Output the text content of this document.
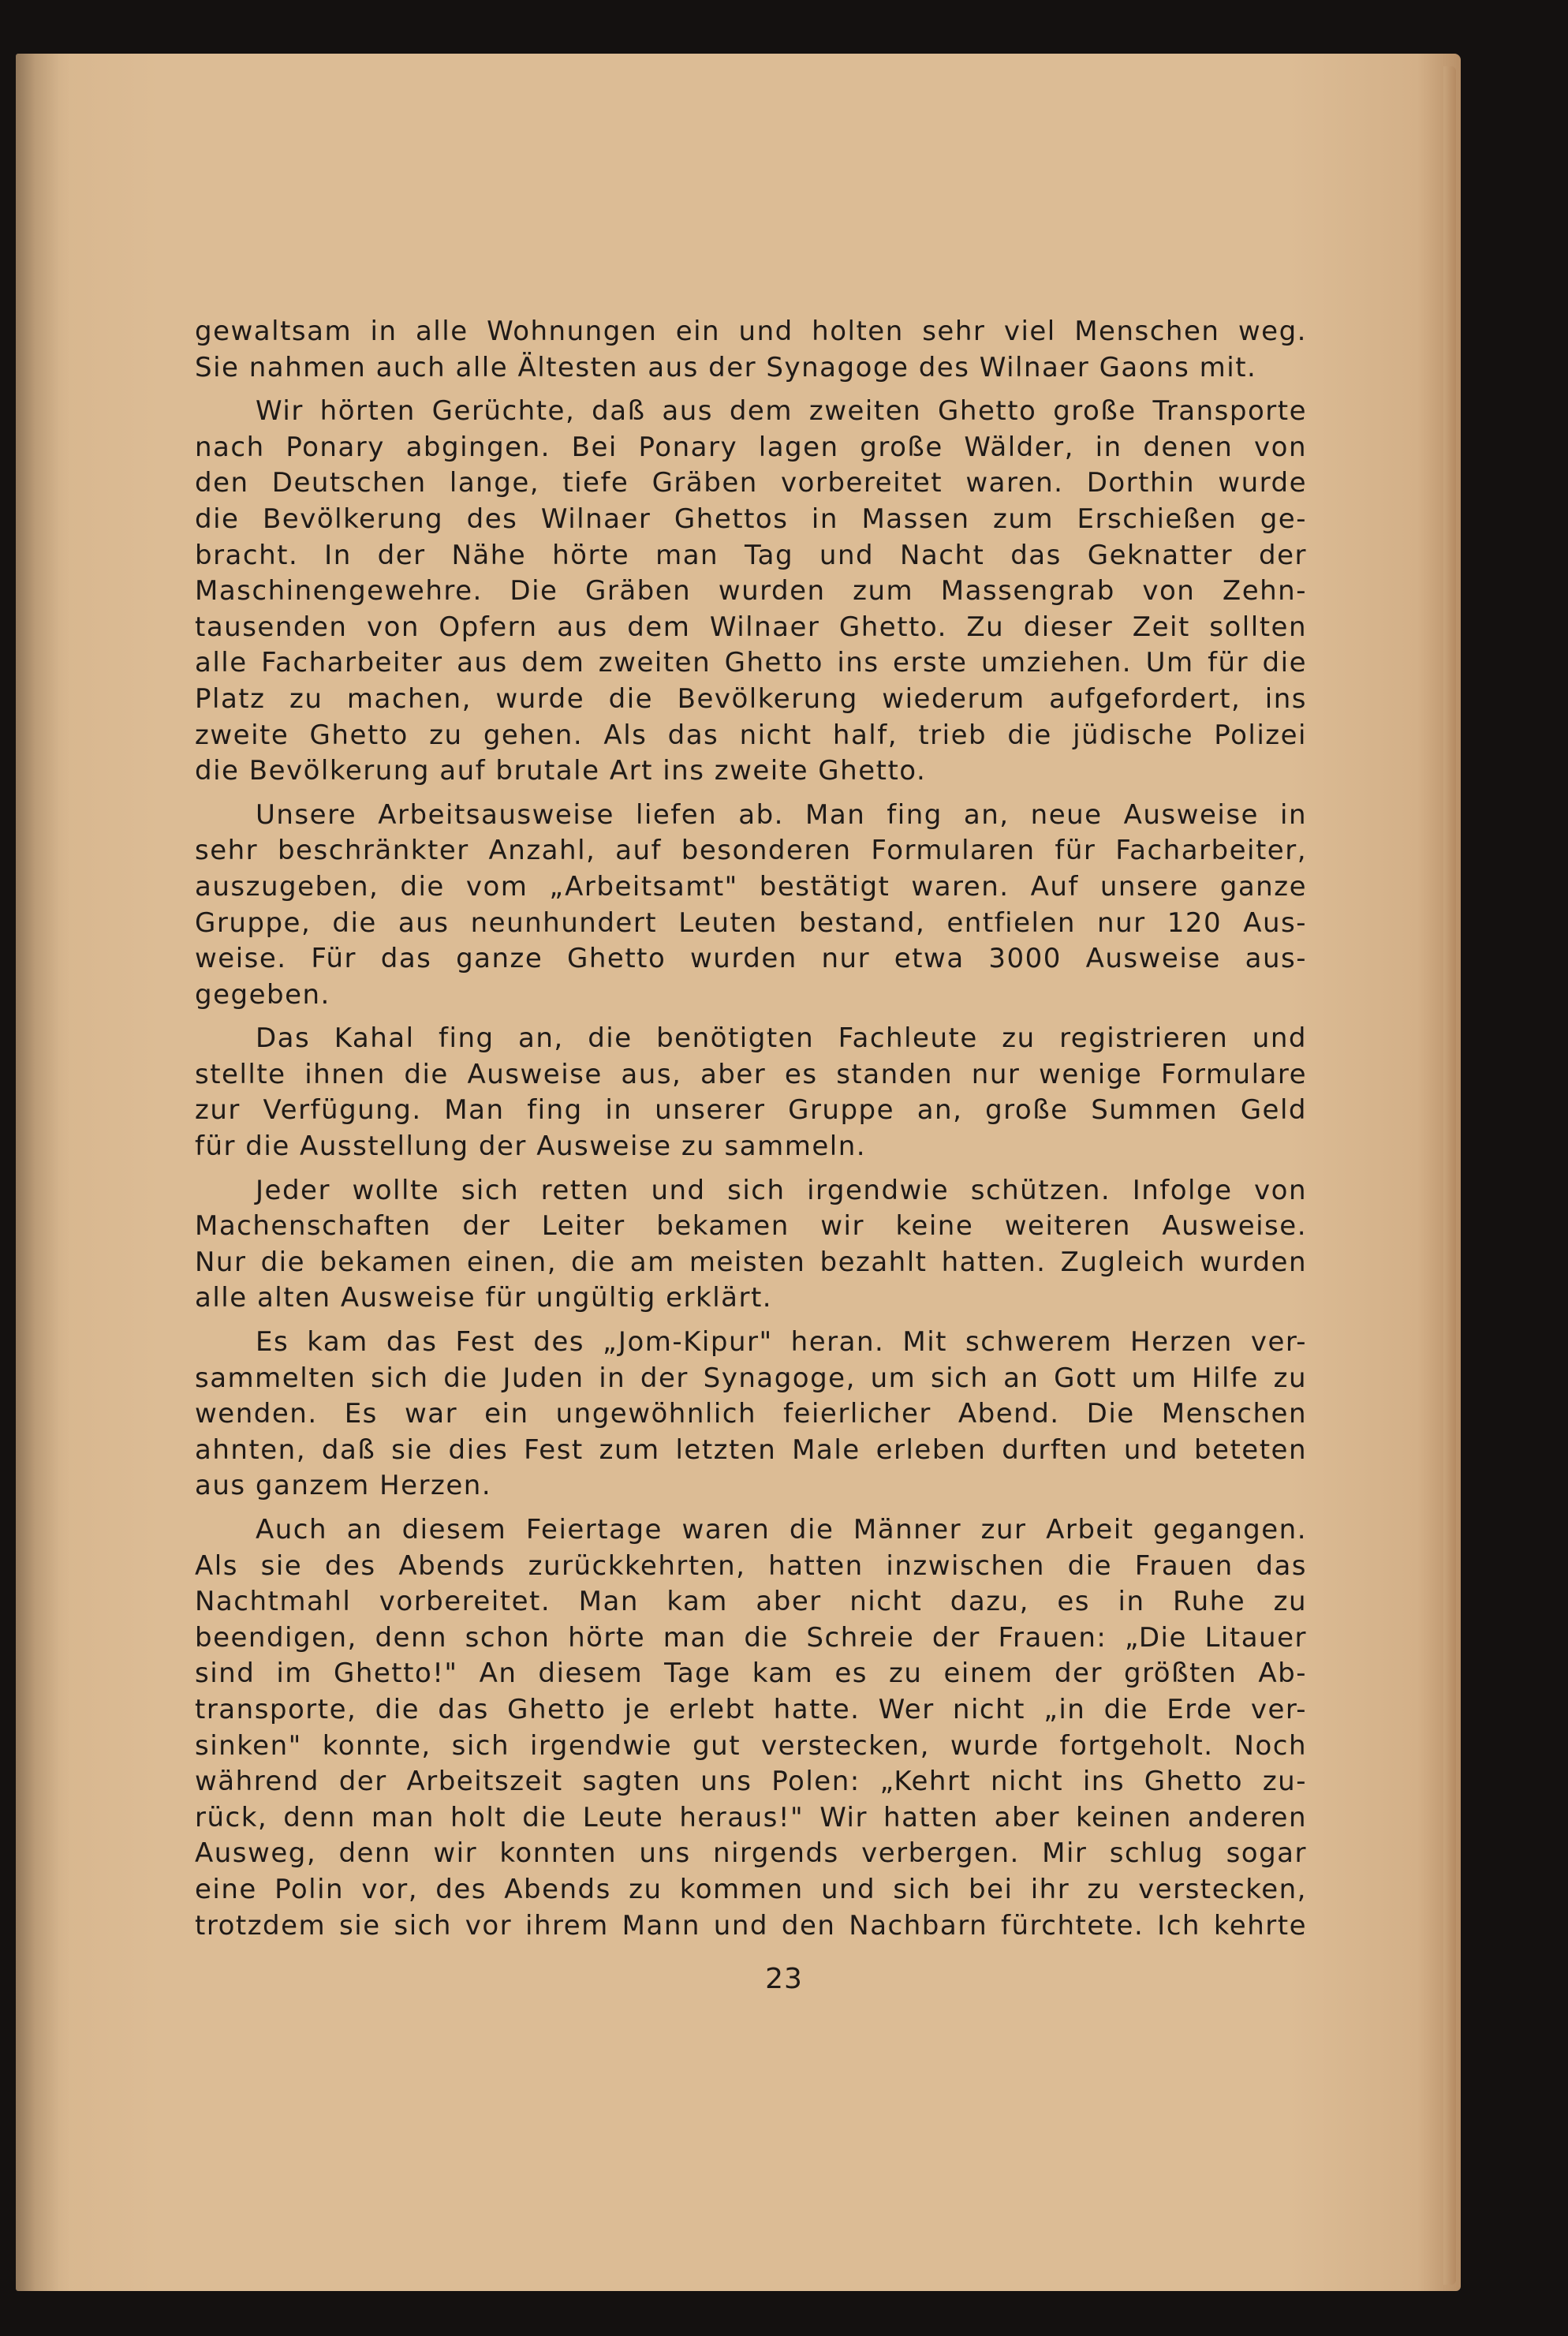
gewaltsam in alle Wohnungen ein und holten sehr viel Menschen weg.

Sie nahmen auch alle Ältesten aus der Synagoge des Wilnaer Gaons mit.

Wir hörten Gerüchte, daß aus dem zweiten Ghetto große Transporte

nach Ponary abgingen. Bei Ponary lagen große Wälder, in denen von

den Deutschen lange, tiefe Gräben vorbereitet waren. Dorthin wurde

die Bevölkerung des Wilnaer Ghettos in Massen zum Erschießen ge-

bracht. In der Nähe hörte man Tag und Nacht das Geknatter der

Maschinengewehre. Die Gräben wurden zum Massengrab von Zehn-

tausenden von Opfern aus dem Wilnaer Ghetto. Zu dieser Zeit sollten

alle Facharbeiter aus dem zweiten Ghetto ins erste umziehen. Um für die

Platz zu machen, wurde die Bevölkerung wiederum aufgefordert, ins

zweite Ghetto zu gehen. Als das nicht half, trieb die jüdische Polizei

die Bevölkerung auf brutale Art ins zweite Ghetto.

Unsere Arbeitsausweise liefen ab. Man fing an, neue Ausweise in

sehr beschränkter Anzahl, auf besonderen Formularen für Facharbeiter,

auszugeben, die vom „Arbeitsamt" bestätigt waren. Auf unsere ganze

Gruppe, die aus neunhundert Leuten bestand, entfielen nur 120 Aus-

weise. Für das ganze Ghetto wurden nur etwa 3000 Ausweise aus-

gegeben.

Das Kahal fing an, die benötigten Fachleute zu registrieren und

stellte ihnen die Ausweise aus, aber es standen nur wenige Formulare

zur Verfügung. Man fing in unserer Gruppe an, große Summen Geld

für die Ausstellung der Ausweise zu sammeln.

Jeder wollte sich retten und sich irgendwie schützen. Infolge von

Machenschaften der Leiter bekamen wir keine weiteren Ausweise.

Nur die bekamen einen, die am meisten bezahlt hatten. Zugleich wurden

alle alten Ausweise für ungültig erklärt.

Es kam das Fest des „Jom-Kipur" heran. Mit schwerem Herzen ver-

sammelten sich die Juden in der Synagoge, um sich an Gott um Hilfe zu

wenden. Es war ein ungewöhnlich feierlicher Abend. Die Menschen

ahnten, daß sie dies Fest zum letzten Male erleben durften und beteten

aus ganzem Herzen.

Auch an diesem Feiertage waren die Männer zur Arbeit gegangen.

Als sie des Abends zurückkehrten, hatten inzwischen die Frauen das

Nachtmahl vorbereitet. Man kam aber nicht dazu, es in Ruhe zu

beendigen, denn schon hörte man die Schreie der Frauen: „Die Litauer

sind im Ghetto!" An diesem Tage kam es zu einem der größten Ab-

transporte, die das Ghetto je erlebt hatte. Wer nicht „in die Erde ver-

sinken" konnte, sich irgendwie gut verstecken, wurde fortgeholt. Noch

während der Arbeitszeit sagten uns Polen: „Kehrt nicht ins Ghetto zu-

rück, denn man holt die Leute heraus!" Wir hatten aber keinen anderen

Ausweg, denn wir konnten uns nirgends verbergen. Mir schlug sogar

eine Polin vor, des Abends zu kommen und sich bei ihr zu verstecken,

trotzdem sie sich vor ihrem Mann und den Nachbarn fürchtete. Ich kehrte

23
